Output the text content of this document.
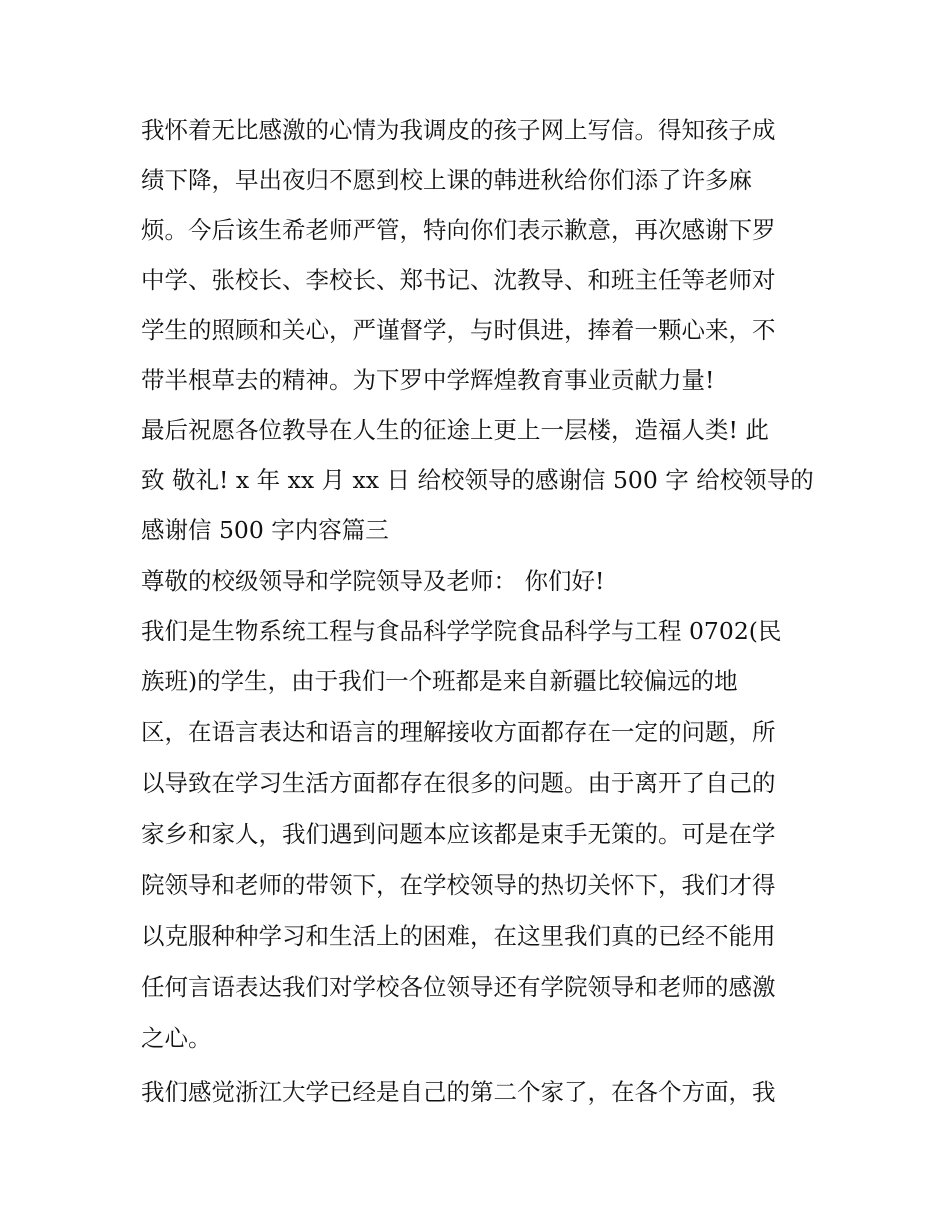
我怀着无比感激的心情为我调皮的孩子网上写信。得知孩子成
绩下降，早出夜归不愿到校上课的韩进秋给你们添了许多麻
烦。今后该生希老师严管，特向你们表示歉意，再次感谢下罗
中学、张校长、李校长、郑书记、沈教导、和班主任等老师对
学生的照顾和关心，严谨督学，与时俱进，捧着一颗心来，不
带半根草去的精神。为下罗中学辉煌教育事业贡献力量!
最后祝愿各位教导在人生的征途上更上一层楼，造福人类! 此
致 敬礼! x 年 xx 月 xx 日 给校领导的感谢信 500 字 给校领导的
感谢信 500 字内容篇三
尊敬的校级领导和学院领导及老师： 你们好!
我们是生物系统工程与食品科学学院食品科学与工程 0702(民
族班)的学生，由于我们一个班都是来自新疆比较偏远的地
区，在语言表达和语言的理解接收方面都存在一定的问题，所
以导致在学习生活方面都存在很多的问题。由于离开了自己的
家乡和家人，我们遇到问题本应该都是束手无策的。可是在学
院领导和老师的带领下，在学校领导的热切关怀下，我们才得
以克服种种学习和生活上的困难，在这里我们真的已经不能用
任何言语表达我们对学校各位领导还有学院领导和老师的感激
之心。
我们感觉浙江大学已经是自己的第二个家了，在各个方面，我
